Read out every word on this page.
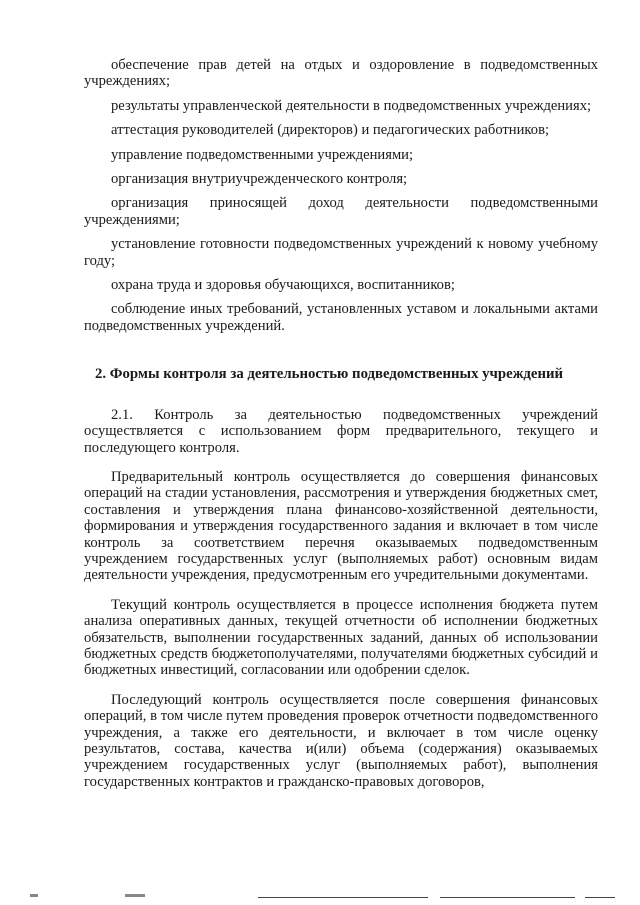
обеспечение прав детей на отдых и оздоровление в подведомственных учреждениях;

результаты управленческой деятельности в подведомственных учреждениях;

аттестация руководителей (директоров) и педагогических работников;

управление подведомственными учреждениями;

организация внутриучрежденческого контроля;

организация приносящей доход деятельности подведомственными учреждениями;

установление готовности подведомственных учреждений к новому учебному году;

охрана труда и здоровья обучающихся, воспитанников;

соблюдение иных требований, установленных уставом и локальными актами подведомственных учреждений.

2. Формы контроля за деятельностью подведомственных учреждений

2.1. Контроль за деятельностью подведомственных учреждений осуществляется с использованием форм предварительного, текущего и последующего контроля.

Предварительный контроль осуществляется до совершения финансовых операций на стадии установления, рассмотрения и утверждения бюджетных смет, составления и утверждения плана финансово-хозяйственной деятельности, формирования и утверждения государственного задания и включает в том числе контроль за соответствием перечня оказываемых подведомственным учреждением государственных услуг (выполняемых работ) основным видам деятельности учреждения, предусмотренным его учредительными документами.

Текущий контроль осуществляется в процессе исполнения бюджета путем анализа оперативных данных, текущей отчетности об исполнении бюджетных обязательств, выполнении государственных заданий, данных об использовании бюджетных средств бюджетополучателями, получателями бюджетных субсидий и бюджетных инвестиций, согласовании или одобрении сделок.

Последующий контроль осуществляется после совершения финансовых операций, в том числе путем проведения проверок отчетности подведомственного учреждения, а также его деятельности, и включает в том числе оценку результатов, состава, качества и(или) объема (содержания) оказываемых учреждением государственных услуг (выполняемых работ), выполнения государственных контрактов и гражданско-правовых договоров,
